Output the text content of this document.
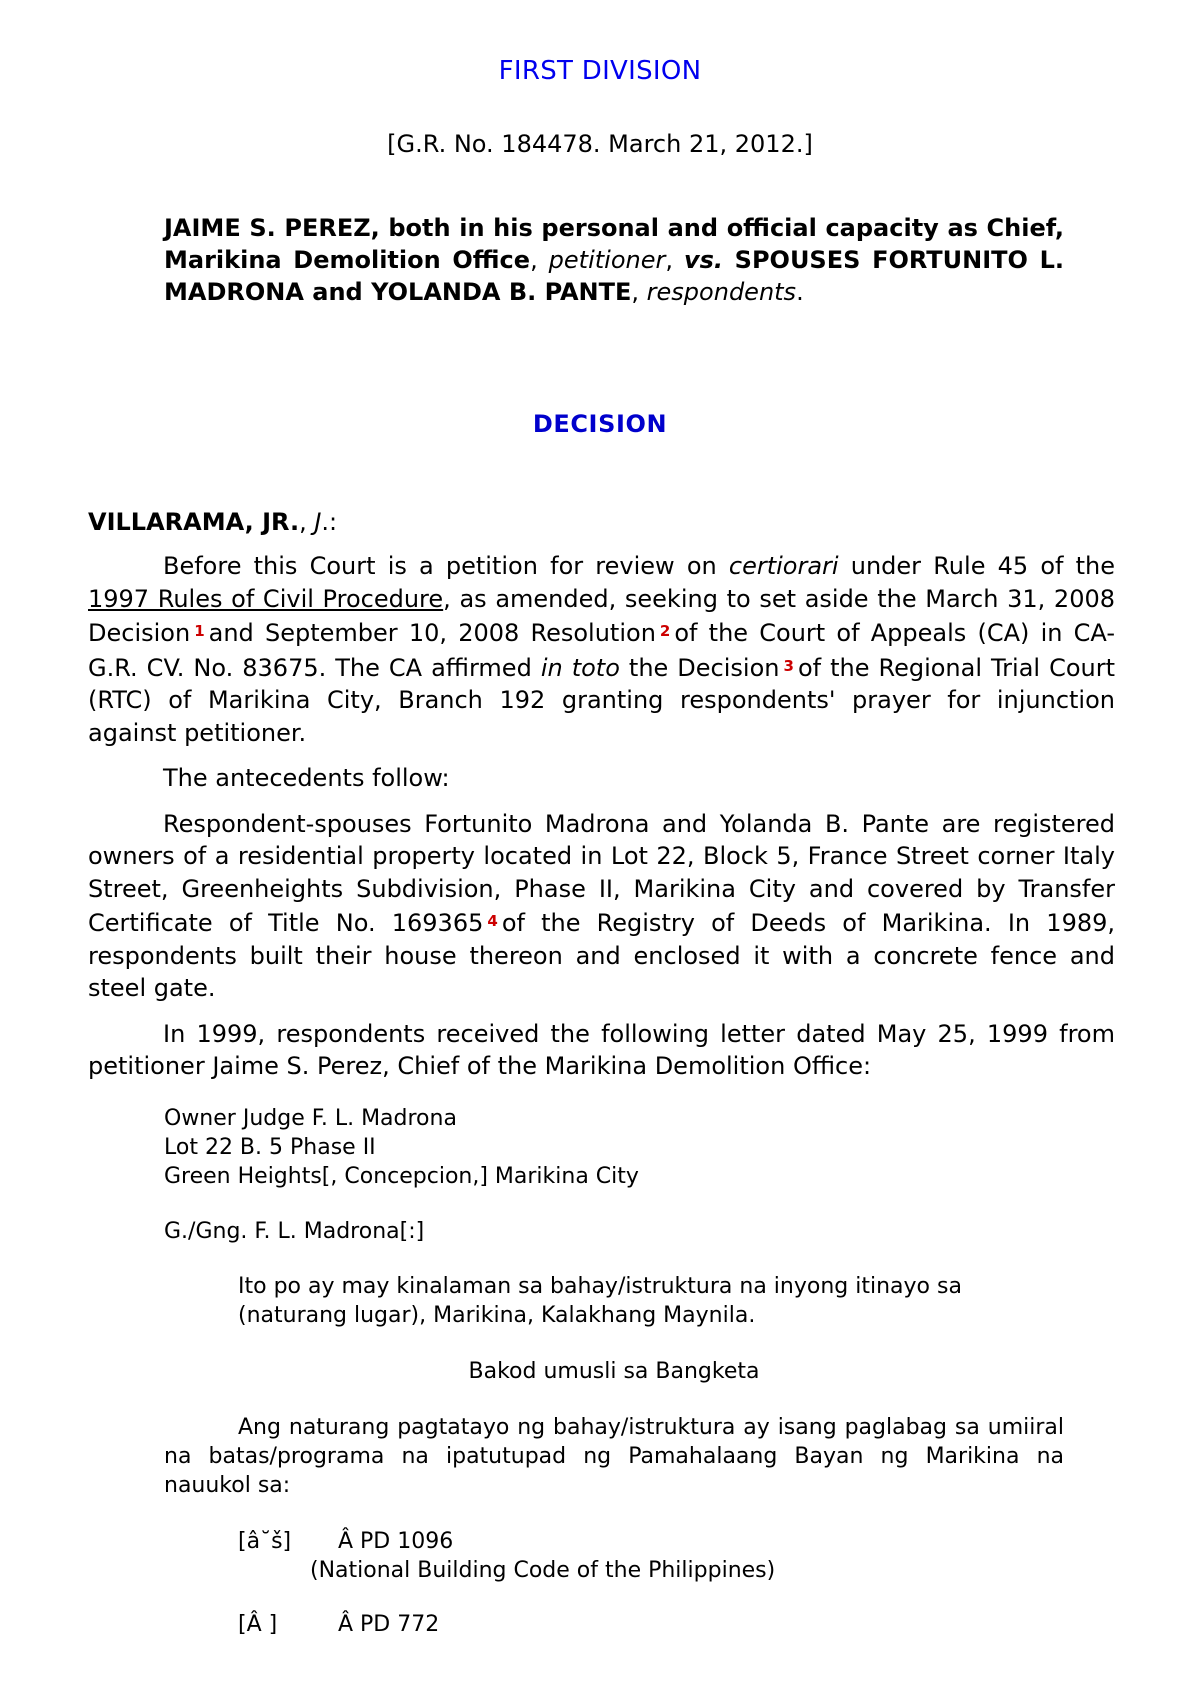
FIRST DIVISION
[G.R. No. 184478. March 21, 2012.]
JAIME S. PEREZ, both in his personal and official capacity as Chief, Marikina Demolition Office, petitioner, vs. SPOUSES FORTUNITO L. MADRONA and YOLANDA B. PANTE, respondents.
DECISION
VILLARAMA, JR., J.:

Before this Court is a petition for review on certiorari under Rule 45 of the 1997 Rules of Civil Procedure, as amended, seeking to set aside the March 31, 2008 Decision $^1$ and September 10, 2008 Resolution $^2$ of the Court of Appeals (CA) in CA-G.R. CV. No. 83675. The CA affirmed in toto the Decision $^3$ of the Regional Trial Court (RTC) of Marikina City, Branch 192 granting respondents' prayer for injunction against petitioner.

The antecedents follow:

Respondent-spouses Fortunito Madrona and Yolanda B. Pante are registered owners of a residential property located in Lot 22, Block 5, France Street corner Italy Street, Greenheights Subdivision, Phase II, Marikina City and covered by Transfer Certificate of Title No. 169365 $^4$ of the Registry of Deeds of Marikina. In 1989, respondents built their house thereon and enclosed it with a concrete fence and steel gate.

In 1999, respondents received the following letter dated May 25, 1999 from petitioner Jaime S. Perez, Chief of the Marikina Demolition Office:

Owner Judge F. L. Madrona
Lot 22 B. 5 Phase II
Green Heights[, Concepcion,] Marikina City
G./Gng. F. L. Madrona[:]
Ito po ay may kinalaman sa bahay/istruktura na inyong itinayo sa (naturang lugar), Marikina, Kalakhang Maynila.
Bakod umusli sa Bangketa
Ang naturang pagtatayo ng bahay/istruktura ay isang paglabag sa umiiral na batas/programa na ipatutupad ng Pamahalaang Bayan ng Marikina na nauukol sa:
[â˘š] Â PD 1096
(National Building Code of the Philippines)
[Â ]	Â PD 772
